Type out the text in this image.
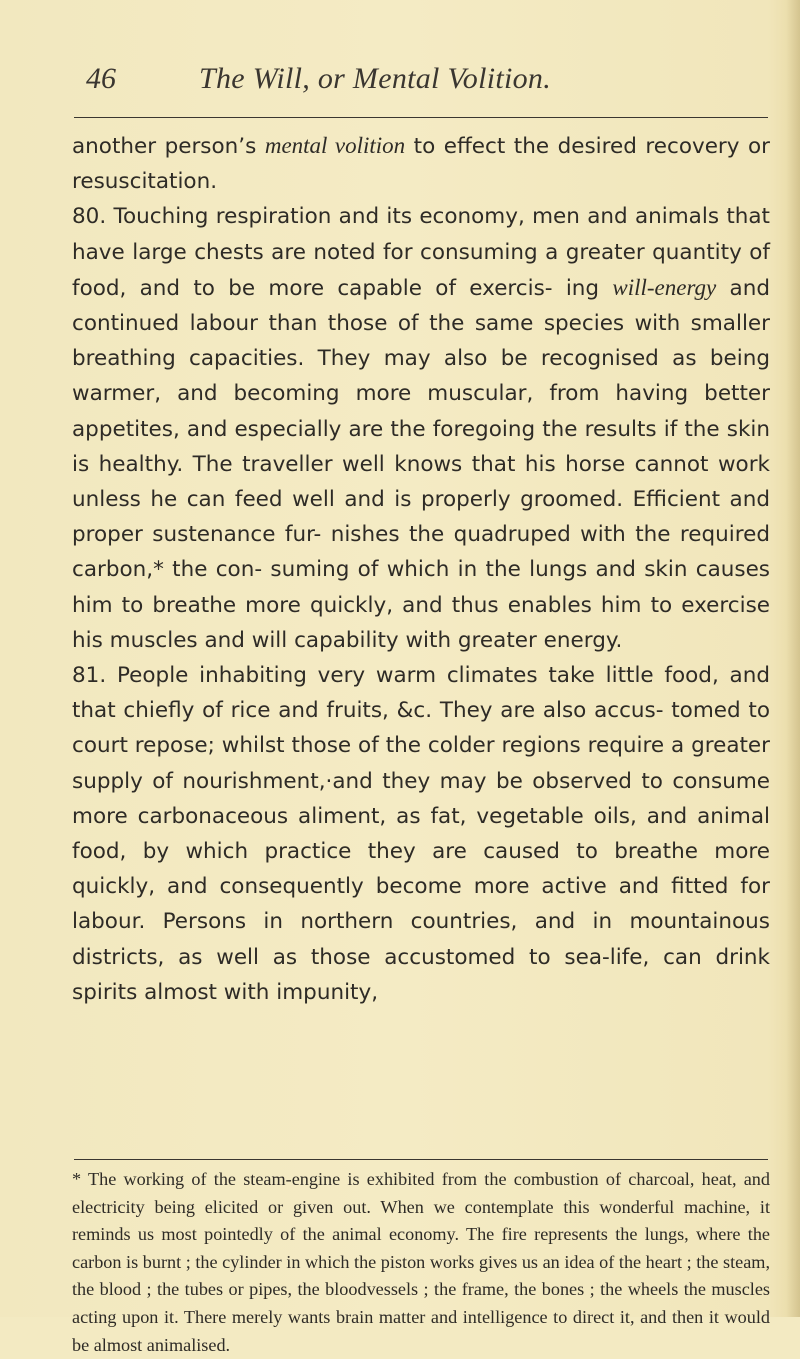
46	The Will, or Mental Volition.

another person’s mental volition to effect the desired recovery or resuscitation.

80. Touching respiration and its economy, men and animals that have large chests are noted for consuming a greater quantity of food, and to be more capable of exercis- ing will-energy and continued labour than those of the same species with smaller breathing capacities. They may also be recognised as being warmer, and becoming more muscular, from having better appetites, and especially are the foregoing the results if the skin is healthy. The traveller well knows that his horse cannot work unless he can feed well and is properly groomed. Efficient and proper sustenance fur- nishes the quadruped with the required carbon,* the con- suming of which in the lungs and skin causes him to breathe more quickly, and thus enables him to exercise his muscles and will capability with greater energy.

81. People inhabiting very warm climates take little food, and that chiefly of rice and fruits, &c. They are also accus- tomed to court repose; whilst those of the colder regions require a greater supply of nourishment,·and they may be observed to consume more carbonaceous aliment, as fat, vegetable oils, and animal food, by which practice they are caused to breathe more quickly, and consequently become more active and fitted for labour. Persons in northern countries, and in mountainous districts, as well as those accustomed to sea-life, can drink spirits almost with impunity,

* The working of the steam-engine is exhibited from the combustion of charcoal, heat, and electricity being elicited or given out. When we contemplate this wonderful machine, it reminds us most pointedly of the animal economy. The fire represents the lungs, where the carbon is burnt ; the cylinder in which the piston works gives us an idea of the heart ; the steam, the blood ; the tubes or pipes, the bloodvessels ; the frame, the bones ; the wheels the muscles acting upon it. There merely wants brain matter and intelligence to direct it, and then it would be almost animalised.
